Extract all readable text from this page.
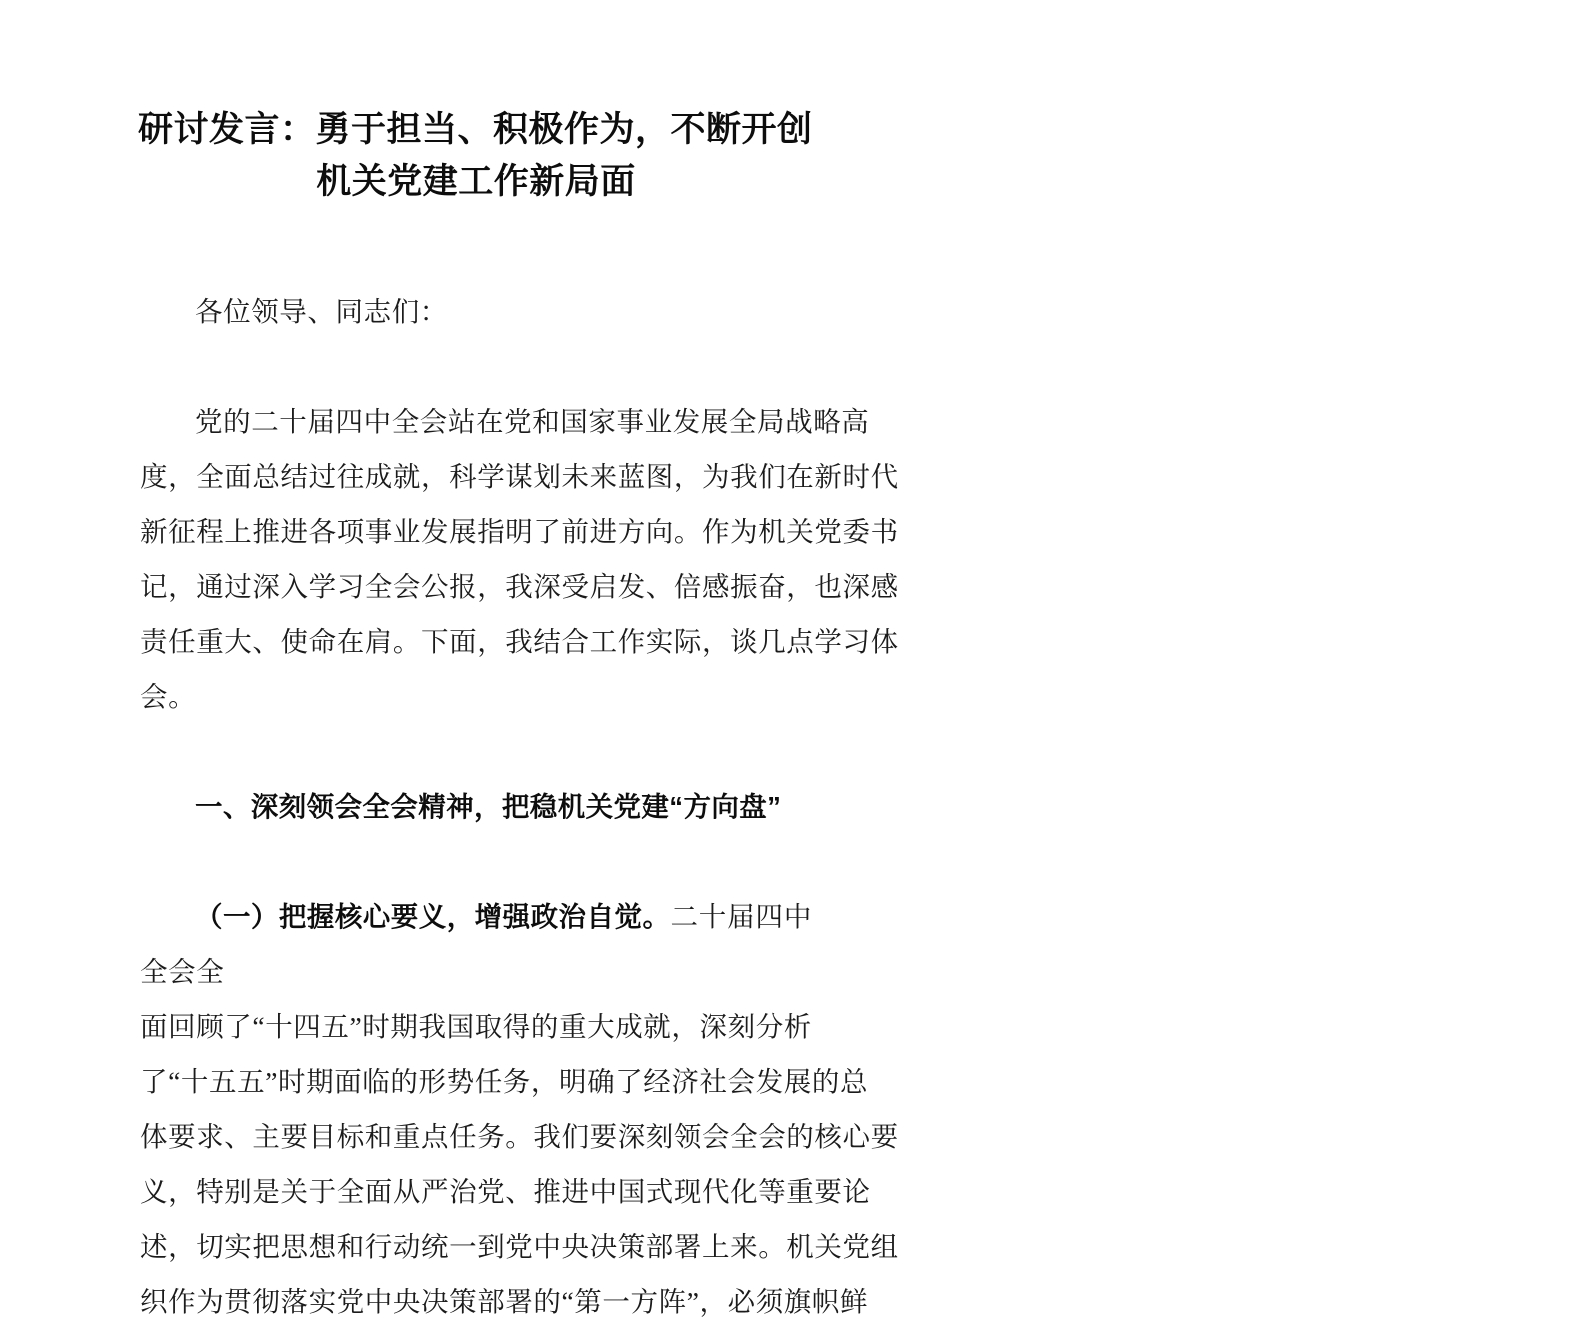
研讨发言：勇于担当、积极作为，不断开创
机关党建工作新局面

各位领导、同志们：

党的二十届四中全会站在党和国家事业发展全局战略高
度，全面总结过往成就，科学谋划未来蓝图，为我们在新时代
新征程上推进各项事业发展指明了前进方向。作为机关党委书
记，通过深入学习全会公报，我深受启发、倍感振奋，也深感
责任重大、使命在肩。下面，我结合工作实际，谈几点学习体
会。

一、深刻领会全会精神，把稳机关党建“方向盘”

（一）把握核心要义，增强政治自觉。二十届四中全会全

面回顾了“十四五”时期我国取得的重大成就，深刻分析
了“十五五”时期面临的形势任务，明确了经济社会发展的总
体要求、主要目标和重点任务。我们要深刻领会全会的核心要
义，特别是关于全面从严治党、推进中国式现代化等重要论
述，切实把思想和行动统一到党中央决策部署上来。机关党组
织作为贯彻落实党中央决策部署的“第一方阵”，必须旗帜鲜
